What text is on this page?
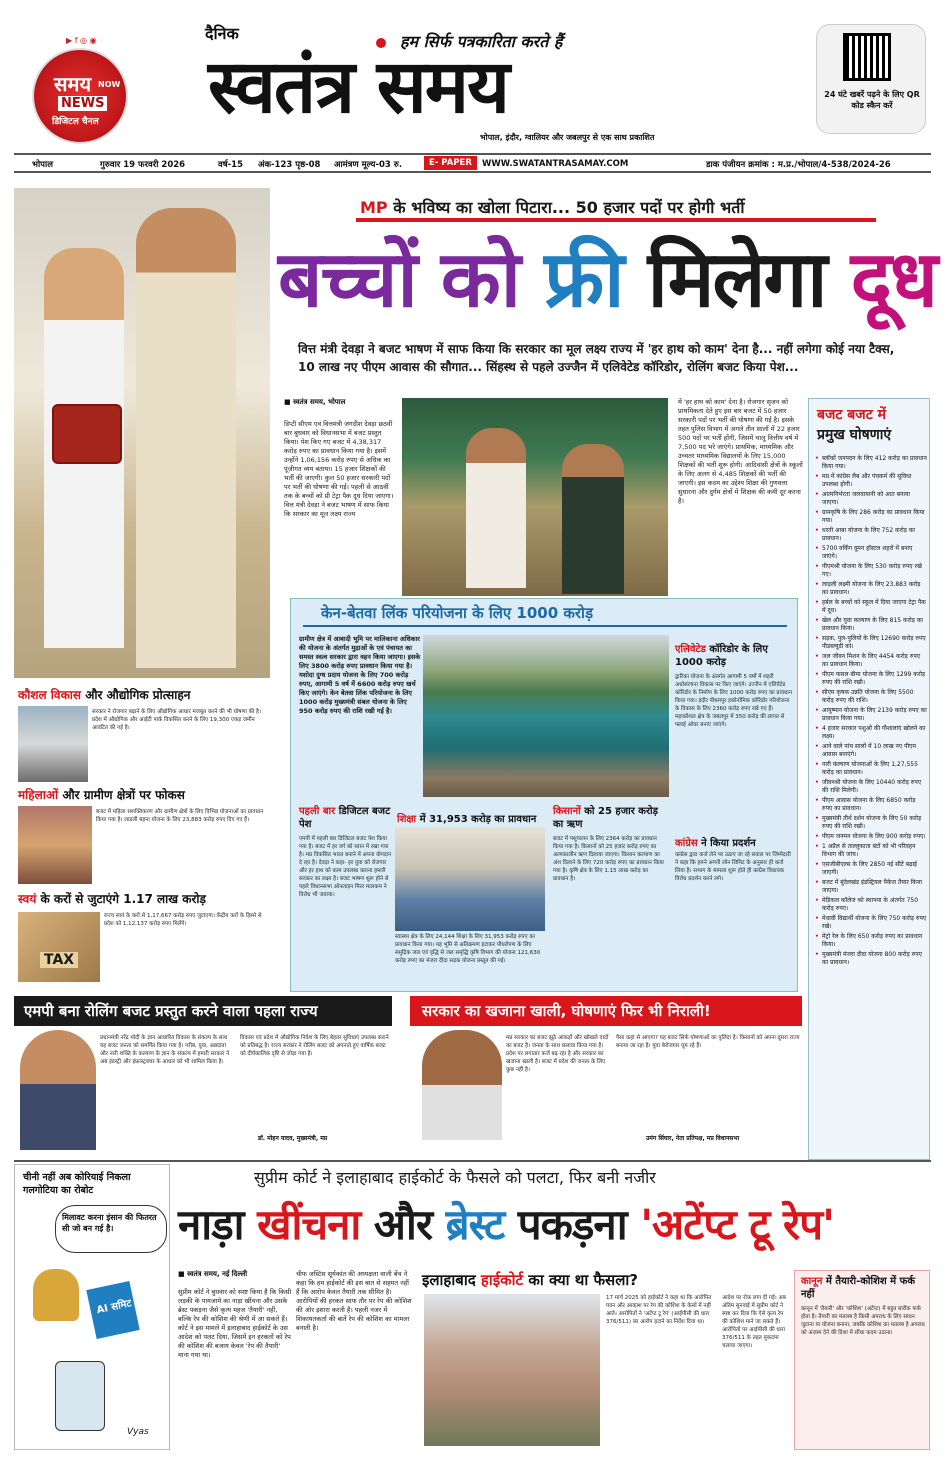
▶ f ◎ ◉
समय NOW
NEWS
डिजिटल चैनल
दैनिक	हम सिर्फ पत्रकारिता करते हैं
स्वतंत्र समय
भोपाल, इंदौर, ग्वालियर और जबलपुर से एक साथ प्रकाशित
24 घंटे खबरें पढ़ने के लिए QR कोड स्कैन करें
भोपाल	गुरुवार 19 फरवरी 2026	वर्ष-15 अंक-123 पृष्ठ-08 आमंत्रण मूल्य-03 रु.	E- PAPER	WWW.SWATANTRASAMAY.COM	डाक पंजीयन क्रमांक : म.प्र./भोपाल/4-538/2024-26
MP के भविष्य का खोला पिटारा... 50 हजार पदों पर होगी भर्ती
बच्चों को फ्री मिलेगा दूध
वित्त मंत्री देवड़ा ने बजट भाषण में साफ किया कि सरकार का मूल लक्ष्य राज्य में 'हर हाथ को काम' देना है... नहीं लगेगा कोई नया टैक्स, 10 लाख नए पीएम आवास की सौगात... सिंहस्थ से पहले उज्जैन में एलिवेटेड कॉरिडोर, रोलिंग बजट किया पेश...
■ स्वतंत्र समय, भोपाल
डिप्टी सीएम एवं वित्तमंत्री जगदीश देवड़ा छठवीं बार बुधवार को विधानसभा में बजट प्रस्तुत किया। पेश किए गए बजट में 4,38,317 करोड़ रुपए का प्रावधान किया गया है। इसमें उन्होंने 1,06,156 करोड़ रुपए से अधिक का पूंजीगत व्यय बताया। 15 हजार शिक्षकों की भर्ती की जाएगी। कुल 50 हजार सरकारी पदों पर भर्ती की घोषणा की गई। पहली से आठवीं तक के बच्चों को प्री टेट्रा पैक दूध दिया जाएगा। वित्त मंत्री देवड़ा ने बजट भाषण में साफ किया कि सरकार का मूल लक्ष्य राज्य
में 'हर हाथ को काम' देना है। रोजगार सृजन को प्राथमिकता देते हुए इस बार बजट में 50 हजार सरकारी पदों पर भर्ती की घोषणा की गई है। इसके तहत पुलिस विभाग में अगले तीन सालों में 22 हजार 500 पदों पर भर्ती होंगी, जिसमें चालू वित्तीय वर्ष में 7,500 पद भरे जाएंगे। प्राथमिक, माध्यमिक और उच्चतर माध्यमिक विद्यालयों के लिए 15,000 शिक्षकों की भर्ती शुरू होगी। आदिवासी क्षेत्रों के स्कूलों के लिए अलग से 4,485 शिक्षकों की भर्ती की जाएगी। इस कदम का उद्देश्य शिक्षा की गुणवत्ता सुधारना और दुर्गम क्षेत्रों में शिक्षक की कमी दूर करना है।
बजट बजट में
प्रमुख घोषणाएं
• ब्लॉकों जनपदन के लिए 412 करोड़ का प्रावधान किया गया।
• मप्र में कांग्रेस लैब और पंचकर्म की सुविधा उपलब्ध होगी।
• आत्मनिर्भरता जलवायानी को आत बनाया जाएगा।
• ग्रामकृषि के लिए 286 करोड़ का प्रावधान किया गया।
• धरती आबा योजना के लिए 752 करोड़ का प्रावधान।
• 5700 वर्किंग वूमन हॉस्टल शहरों में बनाए जाएंगे।
• पीएमश्री योजना के लिए 530 करोड़ रुपए रखे गए।
• लाड़ली लक्ष्मी योजना के लिए 23,883 करोड़ का प्रावधान।
• हर्बल के बच्चों को स्कूल में दिया जाएगा टेट्रा पैक में दूध।
• खेल और युवा कल्याण के लिए 815 करोड़ का प्रावधान किया।
• सड़क, पुल-पुलियों के लिए 12690 करोड़ रुपए पीडब्ल्यूडी को।
• जल जीवन मिशन के लिए 4454 करोड़ रुपए का प्रावधान किया।
• पीएम फसल बीमा योजना के लिए 1299 करोड़ रुपए की राशि रखी।
• सीएम कृषक उन्नति योजना के लिए 5500 करोड़ रुपए की राशि।
• आयुष्मान योजना के लिए 2139 करोड़ रुपए का प्रावधान किया गया।
• 4 हजार सरकार पशुओं की गौशालाएं खोलने का लक्ष्य।
• आने वाले पांच सालों में 10 लाख नए पीएम आवास बनाएंगे।
• नारी कल्याण योजनाओं के लिए 1,27,555 करोड़ का प्रावधान।
• जीवनश्री योजना के लिए 10440 करोड़ रुपए की राशि मिलेगी।
• पीएम आवास योजना के लिए 6850 करोड़ रुपए का प्रावधान।
• मुख्यमंत्री तीर्थ दर्शन योजना के लिए 50 करोड़ रुपए की राशि रखी।
• पीएम जनमन योजना के लिए 900 करोड़ रुपए।
• 1 अप्रैल से ताल्लुकाता बंटों को भी परिवहन विभाग की जांच।
• एसजीबीएल्स के लिए 2850 नई सीटें बढ़ाई जाएगी।
• बजट में बुंदेलखंड इंडस्ट्रियल पैकेज तैयार किया जाएगा।
• मेडिकल कॉलेज को स्थापना के अंतर्गत 750 करोड़ रुपए।
• मेधावी विद्यार्थी योजना के लिए 750 करोड़ रुपए रखे।
• मेट्रो रेल के लिए 650 करोड़ रुपए का प्रावधान किया।
• मुख्यमंत्री मंजरा दीदा योजना 800 करोड़ रुपए का प्रावधान।
केन-बेतवा लिंक परियोजना के लिए 1000 करोड़
ग्रामीण क्षेत्र में आबादी भूमि पर मालिकाना अधिकार की योजना के अंतर्गत मुद्राओं के एवं पंचायत का समस्त स्वत्व सरकार द्वारा वहन किया जाएगा। इसके लिए 3800 करोड़ रुपए प्रावधान किया गया है। यशोदा दुग्ध प्रदाय योजना के लिए 700 करोड़ रुपए, आगामी 5 वर्ष में 6600 करोड़ रुपए खर्च किए जाएंगे। केन बेतवा लिंक परियोजना के लिए 1000 करोड़ मुख्यमंत्री संबल योजना के लिए 950 करोड़ रुपए की राशि रखी गई है।
एलिवेटेड कॉरिडोर के लिए 1000 करोड़
द्वारिका योजना के अंतर्गत आगामी 5 वर्षों में शहरी अधोसंरचना विकास पर किए जाएंगे। उज्जैन में एलिवेटेड कॉरिडोर के निर्माण के लिए 1000 करोड़ रुपए का प्रावधान किया गया। इंदौर पीथमपुर इकोनॉमिक कॉरिडोर परियोजना के विकास के लिए 2360 करोड़ रुपए रखे गए हैं। महाकौशल क्षेत्र के जबलपुर में 350 करोड़ की लागत से फ्लाई ओवर बनाए जाएंगे।
पहली बार डिजिटल बजट पेश
एमपी में पहली बार डिजिटल बजट पेश किया गया है। बजट में हर वर्ग को ध्यान में रखा गया है। मप्र विकसित भारत बनाने में अपना योगदान दे रहा है। देवड़ा ने कहा- हर युवा को रोजगार और हर हाथ को काम उपलब्ध कराना हमारी सरकार का लक्ष्य है। बजट भाषण शुरू होने से पहले विधानसभा ऑनलाइन मिरर मालकम ने विरोध भी जताया।
शिक्षा में 31,953 करोड़ का प्रावधान
स्वास्थ्य क्षेत्र के लिए 24,144 शिक्षा के लिए 31,953 करोड़ रुपए का प्रावधान किया गया। यह भूमि से अतिक्रमण हटाकर पौधरोपण के लिए समुद्रिक जल एवं वृद्धि से जल समृद्धि कृषि विभाग की योजना 121,630 करोड़ रुपए का मंजरा दीदा सड़क योजना प्रस्तुत की गई।
किसानों को 25 हजार करोड़ का ऋण
बजट में पशुपालन के लिए 2364 करोड़ का प्रावधान किया गया है। किसानों को 25 हजार करोड़ रुपए का अल्पकालीन ऋण दिलाया जाएगा। किसान कल्याण का अंश दिलाने के लिए 720 करोड़ रुपए का प्रावधान किया गया है। कृषि क्षेत्र के लिए 1.15 लाख करोड़ का प्रावधान है।
कांग्रेस ने किया प्रदर्शन
कांग्रेस द्वारा कर्ज लेने पर उठाए जा रहे सवाल पर जिम्मेदारी ने कहा कि हमने अपनी लोन लिमिट के अनुसार ही कर्ज लिया है। सभाग के मामला शुरू होते ही कांग्रेस विधायक विरोध प्रदर्शन करने लगे।
कौशल विकास और औद्योगिक प्रोत्साहन
सरकार ने रोजगार बढ़ाने के लिए औद्योगिक आधार मजबूत करने की भी घोषणा की है। प्रदेश में औद्योगिक और आईटी पार्क विकसित करने के लिए 19,300 एकड़ जमीन आवंटित की गई है।
महिलाओं और ग्रामीण क्षेत्रों पर फोकस
बजट में महिला सशक्तिकरण और ग्रामीण क्षेत्रों के लिए विभिन्न योजनाओं का प्रावधान किया गया है। लाडली बहना योजना के लिए 23,883 करोड़ रुपए दिए गए हैं।
स्वयं के करों से जुटाएंगे 1.17 लाख करोड़
TAX
राज्य स्वयं के करों से 1,17,667 करोड़ रुपए जुटाएगा। केंद्रीय करों के हिस्से से प्रदेश को 1,12,137 करोड़ रुपए मिलेंगे।
एमपी बना रोलिंग बजट प्रस्तुत करने वाला पहला राज्य	सरकार का खजाना खाली, घोषणाएं फिर भी निराली!
प्रधानमंत्री नरेंद्र मोदी के ज्ञान आधारित विकास के संकल्प के साथ यह बजट जनता को समर्पित किया गया है। गरीब, युवा, अन्नदाता और नारी शक्ति के कल्याण के ज्ञान के संकल्प में हमारी सरकार ने अब इंडस्ट्री और इंफ्रास्ट्रक्चर के आधार को भी शामिल किया है।
विकास एवं प्रदेश में औद्योगिक निवेश के लिए बेहतर सुविधाएं उपलब्ध कराने को प्रतिबद्ध है। राज्य सरकार ने रोलिंग बजट को अपनाते हुए वार्षिक बजट को दीर्घकालिक दृष्टि से जोड़ा गया है।
डॉ. मोहन यादव, मुख्यमंत्री, मप्र
मप्र सरकार का बजट झूठे आंकड़ों और खोखले वादों का बजट है। जनता के साथ छलावा किया गया है। प्रदेश पर लगातार कर्ज बढ़ रहा है और सरकार का खजाना खाली है। बजट में प्रदेश की जनता के लिए कुछ नहीं है।
पैसा कहां से आएगा? यह बजट सिर्फ घोषणाओं का पुलिंदा है। किसानों को अपना दूसरा राज्य बनाया जा रहा है। युवा बेरोजगार घूम रहे हैं।
उमंग सिंघार, नेता प्रतिपक्ष, मप्र विधानसभा
चीनी नहीं अब कोरियाई निकला गलगोटिया का रोबोट
मिलावट करना इंसान की फितरत सी जो बन गई है।
AI समिट
Vyas
सुप्रीम कोर्ट ने इलाहाबाद हाईकोर्ट के फैसले को पलटा, फिर बनी नजीर
नाड़ा खींचना और ब्रेस्ट पकड़ना 'अटेंप्ट टू रेप'
■ स्वतंत्र समय, नई दिल्ली
सुप्रीम कोर्ट ने बुधवार को स्पष्ट किया है कि किसी लड़की के पायजामे का नाड़ा खींचना और उसके ब्रेस्ट पकड़ना जैसे कृत्य महज 'तैयारी' नहीं, बल्कि रेप की कोशिश की श्रेणी में आ सकते हैं। कोर्ट ने इस मामले में इलाहाबाद हाईकोर्ट के उस आदेश को पलट दिया, जिसमें इन हरकतों को रेप की कोशिश की बजाय केवल 'रेप की तैयारी' माना गया था।
चीफ जस्टिस सूर्यकांत की अध्यक्षता वाली बेंच ने कहा कि हम हाईकोर्ट की इस बात से सहमत नहीं हैं कि आरोप केवल तैयारी तक सीमित है। आरोपियों की हरकत साफ तौर पर रेप की कोशिश की ओर इशारा करती है। पहली नजर में शिकायतकर्ता की बातें रेप की कोशिश का मामला बनाती है।
इलाहाबाद हाईकोर्ट का क्या था फैसला?
17 मार्च 2025 को हाईकोर्ट ने कहा था कि आरोपित पवन और आकाश पर रेप की कोशिश के केसों में नहीं आते। आरोपितों ने 'अटेंप्ट टू रेप' (आईपीसी की धारा 376/511) का आरोप हटाने का निर्देश दिया था।
आदेश पर रोक लगा दी गई। अब अंतिम सुनवाई में सुप्रीम कोर्ट ने स्पष्ट कर दिया कि ऐसे कृत्य रेप की कोशिश माने जा सकते हैं। आरोपितों पर आईपीसी की धारा 376/511 के तहत मुकदमा चलाया जाएगा।
कानून में तैयारी-कोशिश में फर्क नहीं
कानून में 'तैयारी' और 'कोशिश' (अटेंप्ट) में बहुत बारीक फर्क होता है। तैयारी का मतलब है किसी अपराध के लिए साधन जुटाना या योजना बनाना, जबकि कोशिश का मतलब है अपराध को अंजाम देने की दिशा में सीधा कदम उठाना।
